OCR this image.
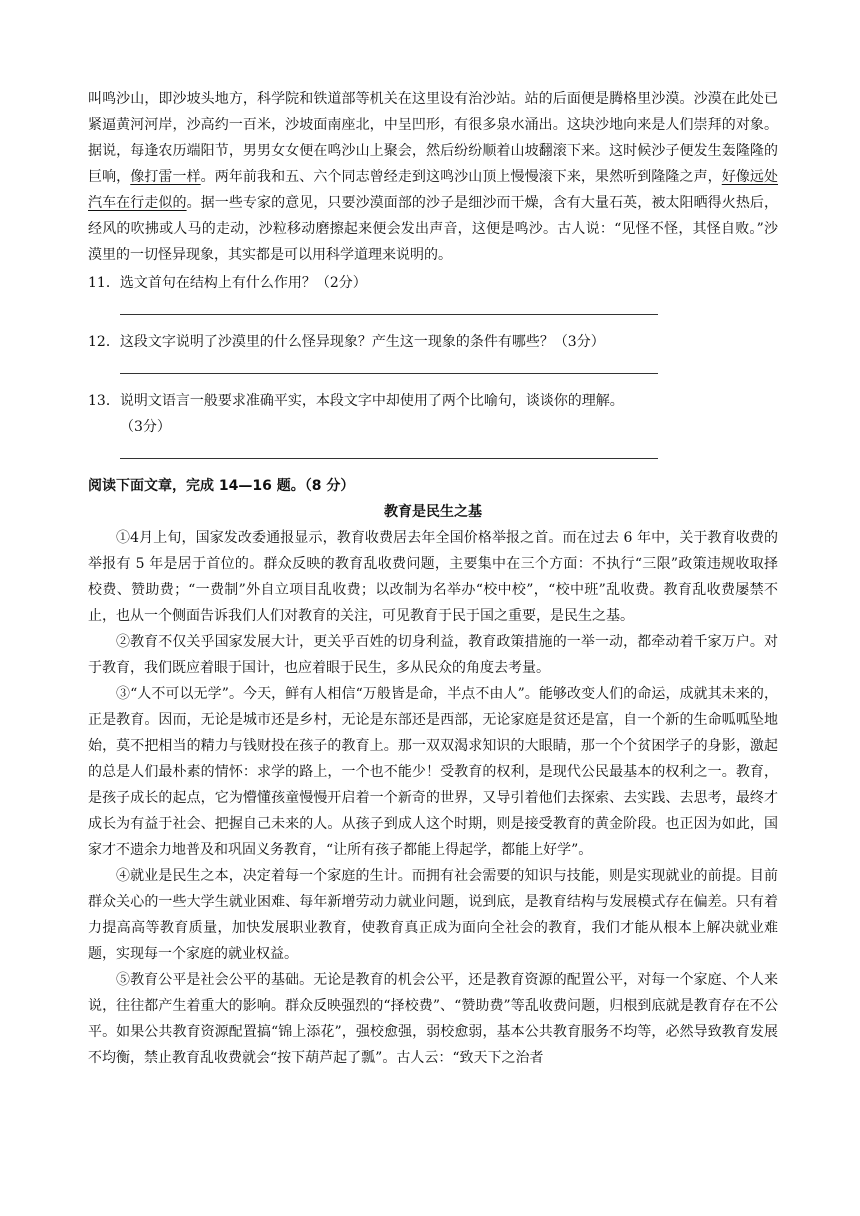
叫鸣沙山，即沙坡头地方，科学院和铁道部等机关在这里设有治沙站。站的后面便是腾格里沙漠。沙漠在此处已紧逼黄河河岸，沙高约一百米，沙坡面南座北，中呈凹形，有很多泉水涌出。这块沙地向来是人们崇拜的对象。据说，每逢农历端阳节，男男女女便在鸣沙山上聚会，然后纷纷顺着山坡翻滚下来。这时候沙子便发生轰隆隆的巨响，像打雷一样。两年前我和五、六个同志曾经走到这鸣沙山顶上慢慢滚下来，果然听到隆隆之声，好像远处汽车在行走似的。据一些专家的意见，只要沙漠面部的沙子是细沙而干燥，含有大量石英，被太阳晒得火热后，经风的吹拂或人马的走动，沙粒移动磨擦起来便会发出声音，这便是鸣沙。古人说：“见怪不怪，其怪自败。”沙漠里的一切怪异现象，其实都是可以用科学道理来说明的。

11．选文首句在结构上有什么作用？（2分）

12．这段文字说明了沙漠里的什么怪异现象？产生这一现象的条件有哪些？（3分）

13．说明文语言一般要求准确平实，本段文字中却使用了两个比喻句，谈谈你的理解。

（3分）

阅读下面文章，完成 14—16 题。（8 分）

教育是民生之基

①4月上旬，国家发改委通报显示，教育收费居去年全国价格举报之首。而在过去 6 年中，关于教育收费的举报有 5 年是居于首位的。群众反映的教育乱收费问题，主要集中在三个方面：不执行“三限”政策违规收取择校费、赞助费；“一费制”外自立项目乱收费；以改制为名举办“校中校”，“校中班”乱收费。教育乱收费屡禁不止，也从一个侧面告诉我们人们对教育的关注，可见教育于民于国之重要，是民生之基。

②教育不仅关乎国家发展大计，更关乎百姓的切身利益，教育政策措施的一举一动，都牵动着千家万户。对于教育，我们既应着眼于国计，也应着眼于民生，多从民众的角度去考量。

③“人不可以无学”。今天，鲜有人相信“万般皆是命，半点不由人”。能够改变人们的命运，成就其未来的，正是教育。因而，无论是城市还是乡村，无论是东部还是西部，无论家庭是贫还是富，自一个新的生命呱呱坠地始，莫不把相当的精力与钱财投在孩子的教育上。那一双双渴求知识的大眼睛，那一个个贫困学子的身影，激起的总是人们最朴素的情怀：求学的路上，一个也不能少！受教育的权利，是现代公民最基本的权利之一。教育，是孩子成长的起点，它为懵懂孩童慢慢开启着一个新奇的世界，又导引着他们去探索、去实践、去思考，最终才成长为有益于社会、把握自己未来的人。从孩子到成人这个时期，则是接受教育的黄金阶段。也正因为如此，国家才不遗余力地普及和巩固义务教育，“让所有孩子都能上得起学，都能上好学”。

④就业是民生之本，决定着每一个家庭的生计。而拥有社会需要的知识与技能，则是实现就业的前提。目前群众关心的一些大学生就业困难、每年新增劳动力就业问题，说到底，是教育结构与发展模式存在偏差。只有着力提高高等教育质量，加快发展职业教育，使教育真正成为面向全社会的教育，我们才能从根本上解决就业难题，实现每一个家庭的就业权益。

⑤教育公平是社会公平的基础。无论是教育的机会公平，还是教育资源的配置公平，对每一个家庭、个人来说，往往都产生着重大的影响。群众反映强烈的“择校费”、“赞助费”等乱收费问题，归根到底就是教育存在不公平。如果公共教育资源配置搞“锦上添花”，强校愈强，弱校愈弱，基本公共教育服务不均等，必然导致教育发展不均衡，禁止教育乱收费就会“按下葫芦起了瓢”。古人云：“致天下之治者
